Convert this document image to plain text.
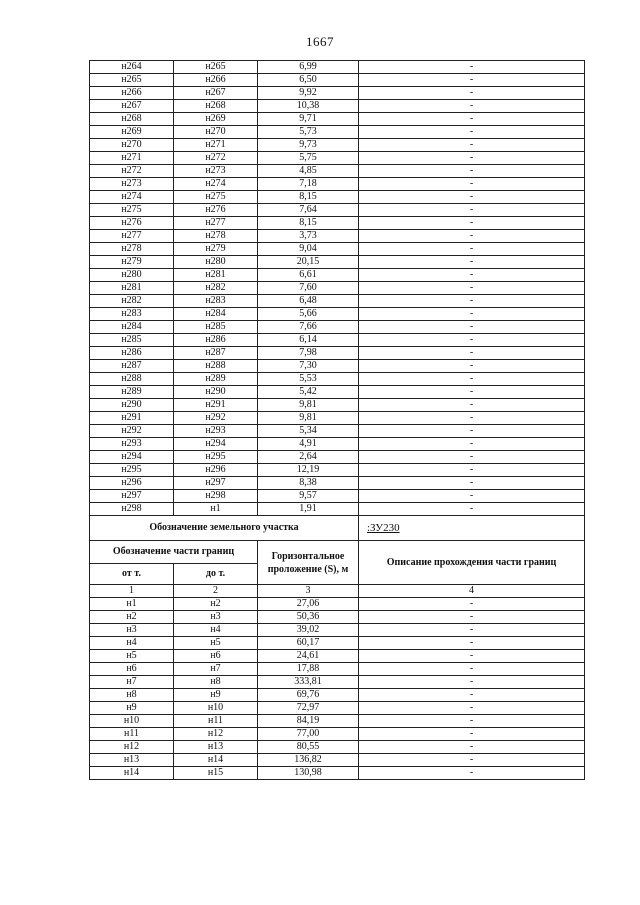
1667
н264	н265	6,99	-
н265	н266	6,50	-
н266	н267	9,92	-
н267	н268	10,38	-
н268	н269	9,71	-
н269	н270	5,73	-
н270	н271	9,73	-
н271	н272	5,75	-
н272	н273	4,85	-
н273	н274	7,18	-
н274	н275	8,15	-
н275	н276	7,64	-
н276	н277	8,15	-
н277	н278	3,73	-
н278	н279	9,04	-
н279	н280	20,15	-
н280	н281	6,61	-
н281	н282	7,60	-
н282	н283	6,48	-
н283	н284	5,66	-
н284	н285	7,66	-
н285	н286	6,14	-
н286	н287	7,98	-
н287	н288	7,30	-
н288	н289	5,53	-
н289	н290	5,42	-
н290	н291	9,81	-
н291	н292	9,81	-
н292	н293	5,34	-
н293	н294	4,91	-
н294	н295	2,64	-
н295	н296	12,19	-
н296	н297	8,38	-
н297	н298	9,57	-
н298	н1	1,91	-
Обозначение земельного участка			:ЗУ230
Обозначение части границ		Горизонтальное проложение (S), м	Описание прохождения части границ
от т.	до т.		
1	2	3	4
н1	н2	27,06	-
н2	н3	50,36	-
н3	н4	39,02	-
н4	н5	60,17	-
н5	н6	24,61	-
н6	н7	17,88	-
н7	н8	333,81	-
н8	н9	69,76	-
н9	н10	72,97	-
н10	н11	84,19	-
н11	н12	77,00	-
н12	н13	80,55	-
н13	н14	136,82	-
н14	н15	130,98	-
